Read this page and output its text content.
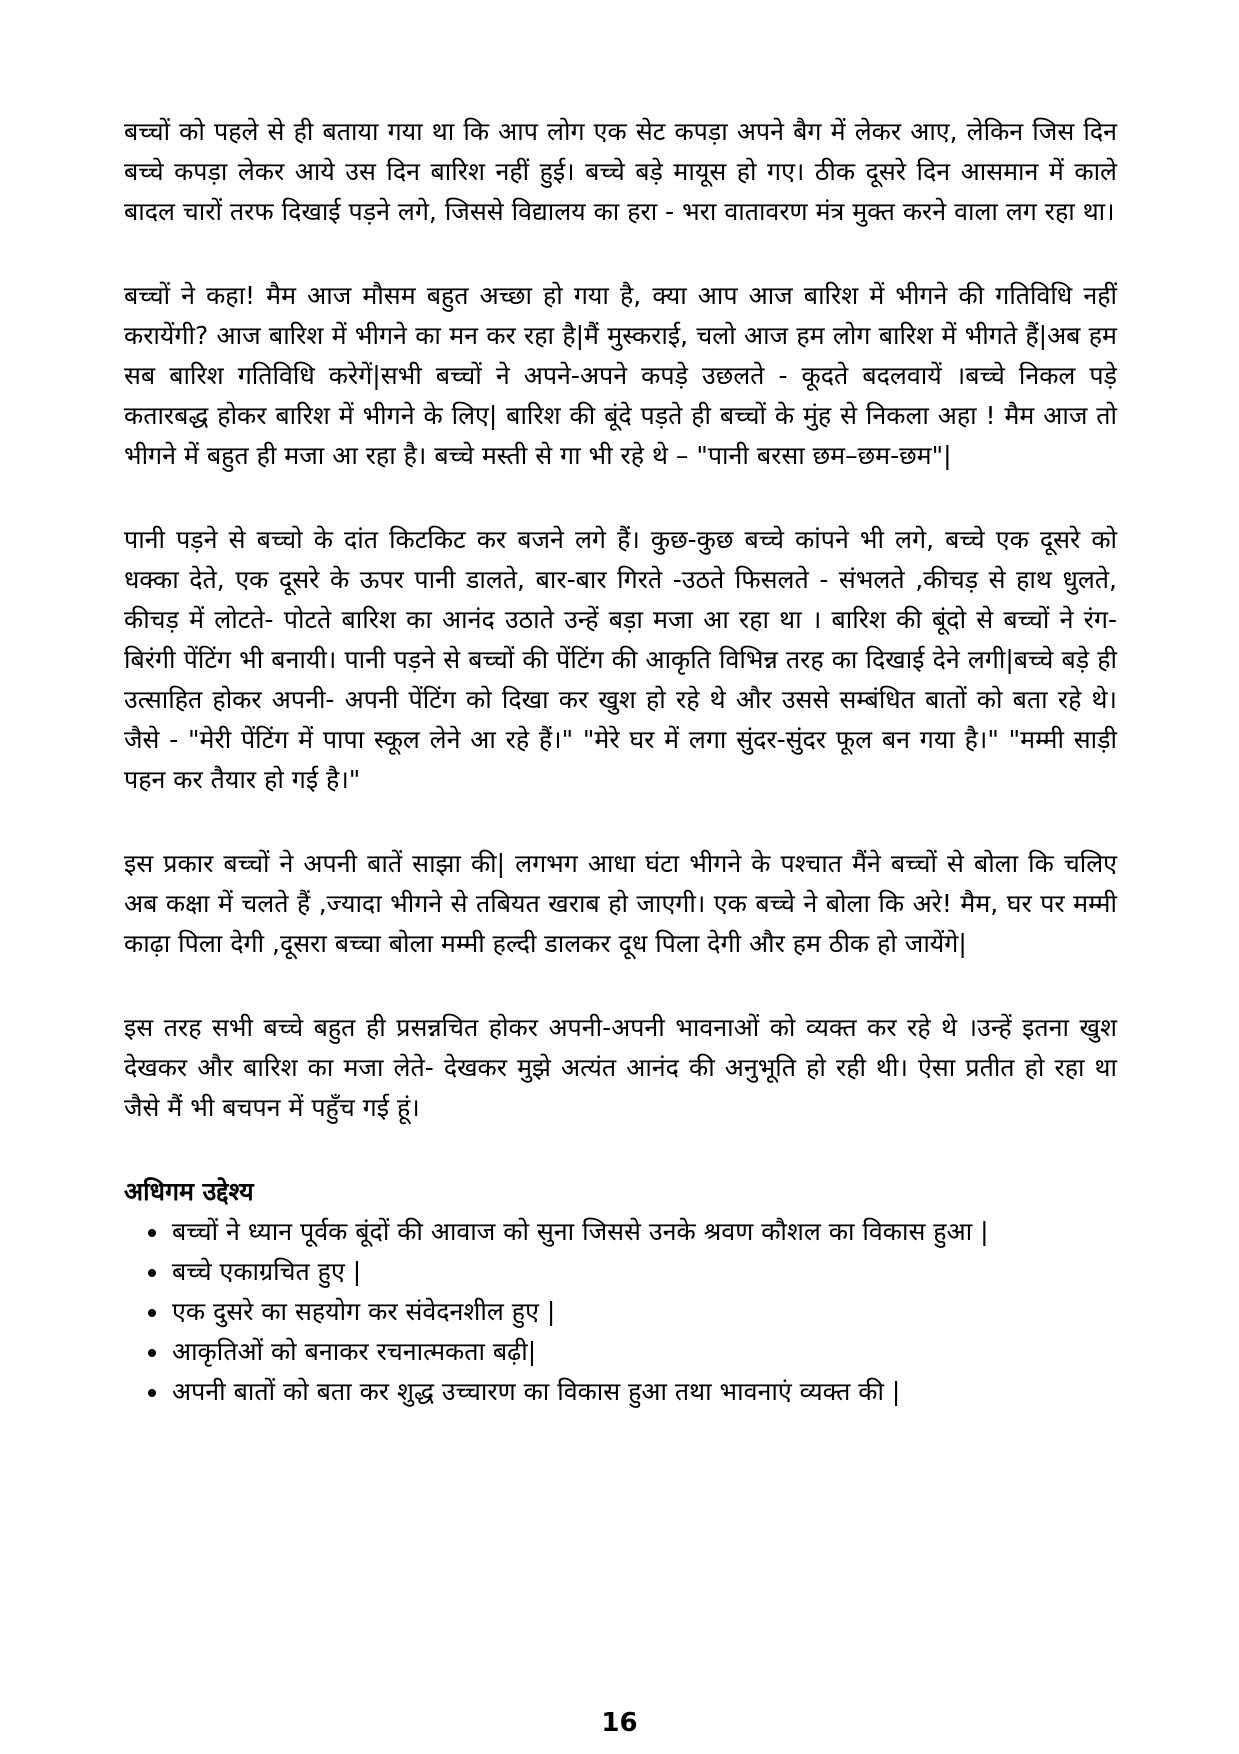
बच्चों को पहले से ही बताया गया था कि आप लोग एक सेट कपड़ा अपने बैग में लेकर आए, लेकिन जिस दिन बच्चे कपड़ा लेकर आये उस दिन बारिश नहीं हुई। बच्चे बड़े मायूस हो गए। ठीक दूसरे दिन आसमान में काले बादल चारों तरफ दिखाई पड़ने लगे, जिससे विद्यालय का हरा - भरा वातावरण मंत्र मुक्त करने वाला लग रहा था।

बच्चों ने कहा! मैम आज मौसम बहुत अच्छा हो गया है, क्या आप आज बारिश में भीगने की गतिविधि नहीं करायेंगी? आज बारिश में भीगने का मन कर रहा है|मैं मुस्कराई, चलो आज हम लोग बारिश में भीगते हैं|अब हम सब बारिश गतिविधि करेगें|सभी बच्चों ने अपने-अपने कपड़े उछलते - कूदते बदलवायें ।बच्चे निकल पड़े कतारबद्ध होकर बारिश में भीगने के लिए| बारिश की बूंदे पड़ते ही बच्चों के मुंह से निकला अहा ! मैम आज तो भीगने में बहुत ही मजा आ रहा है। बच्चे मस्ती से गा भी रहे थे – "पानी बरसा छम–छम-छम"|

पानी पड़ने से बच्चो के दांत किटकिट कर बजने लगे हैं। कुछ-कुछ बच्चे कांपने भी लगे, बच्चे एक दूसरे को धक्का देते, एक दूसरे के ऊपर पानी डालते, बार-बार गिरते -उठते फिसलते - संभलते ,कीचड़ से हाथ धुलते, कीचड़ में लोटते- पोटते बारिश का आनंद उठाते उन्हें बड़ा मजा आ रहा था । बारिश की बूंदो से बच्चों ने रंग-बिरंगी पेंटिंग भी बनायी। पानी पड़ने से बच्चों की पेंटिंग की आकृति विभिन्न तरह का दिखाई देने लगी|बच्चे बड़े ही उत्साहित होकर अपनी- अपनी पेंटिंग को दिखा कर खुश हो रहे थे और उससे सम्बंधित बातों को बता रहे थे। जैसे - "मेरी पेंटिंग में पापा स्कूल लेने आ रहे हैं।" "मेरे घर में लगा सुंदर-सुंदर फूल बन गया है।" "मम्मी साड़ी पहन कर तैयार हो गई है।"

इस प्रकार बच्चों ने अपनी बातें साझा की| लगभग आधा घंटा भीगने के पश्चात मैंने बच्चों से बोला कि चलिए अब कक्षा में चलते हैं ,ज्यादा भीगने से तबियत खराब हो जाएगी। एक बच्चे ने बोला कि अरे! मैम, घर पर मम्मी काढ़ा पिला देगी ,दूसरा बच्चा बोला मम्मी हल्दी डालकर दूध पिला देगी और हम ठीक हो जायेंगे|

इस तरह सभी बच्चे बहुत ही प्रसन्नचित होकर अपनी-अपनी भावनाओं को व्यक्त कर रहे थे ।उन्हें इतना खुश देखकर और बारिश का मजा लेते- देखकर मुझे अत्यंत आनंद की अनुभूति हो रही थी। ऐसा प्रतीत हो रहा था जैसे मैं भी बचपन में पहुँच गई हूं।

अधिगम उद्देश्य
बच्चों ने ध्यान पूर्वक बूंदों की आवाज को सुना जिससे उनके श्रवण कौशल का विकास हुआ |
बच्चे एकाग्रचित हुए |
एक दुसरे का सहयोग कर संवेदनशील हुए |
आकृतिओं को बनाकर रचनात्मकता बढ़ी|
अपनी बातों को बता कर शुद्ध उच्चारण का विकास हुआ तथा भावनाएं व्यक्त की |
16
